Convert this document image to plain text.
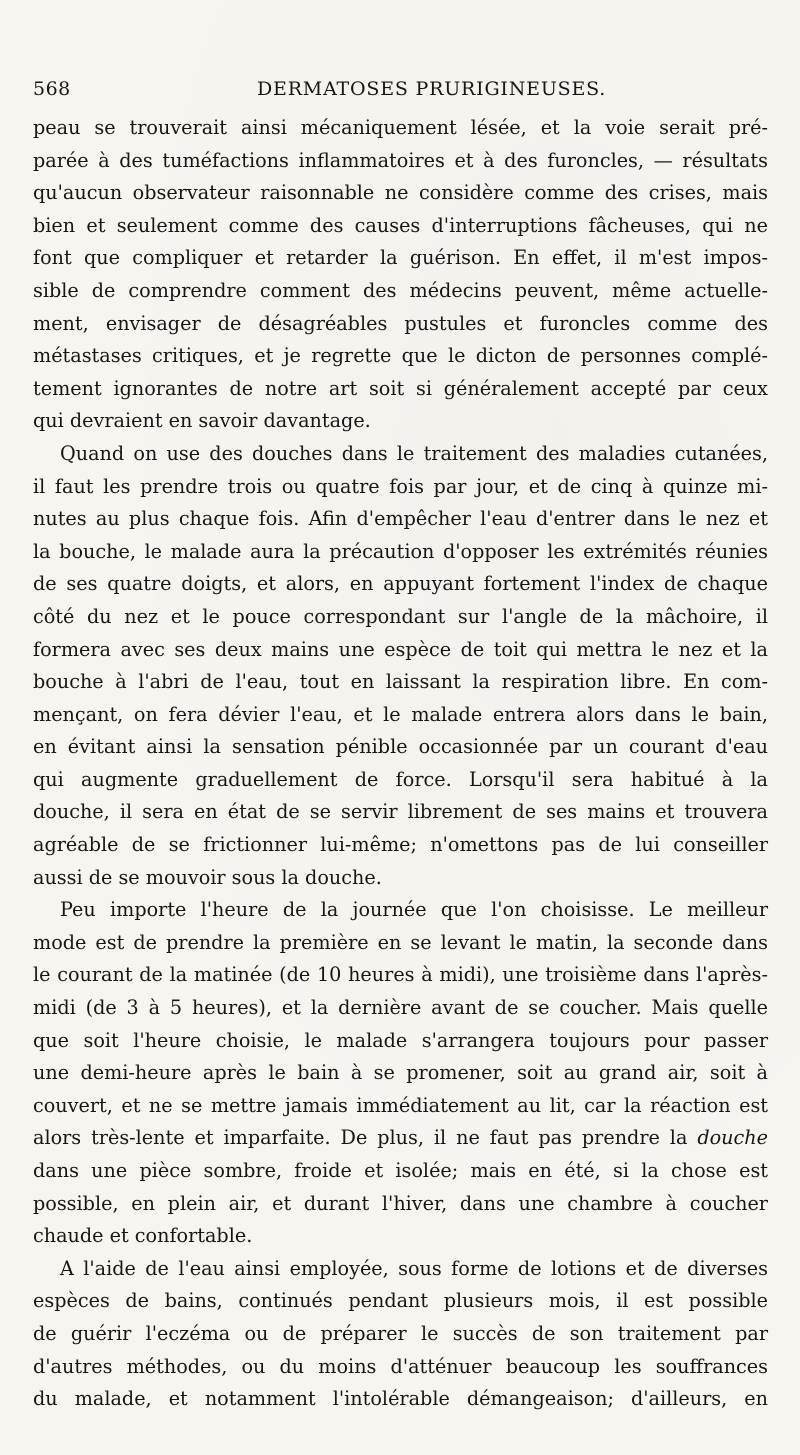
568	DERMATOSES PRURIGINEUSES.
peau se trouverait ainsi mécaniquement lésée, et la voie serait pré-
parée à des tuméfactions inflammatoires et à des furoncles, — résultats
qu'aucun observateur raisonnable ne considère comme des crises, mais
bien et seulement comme des causes d'interruptions fâcheuses, qui ne
font que compliquer et retarder la guérison. En effet, il m'est impos-
sible de comprendre comment des médecins peuvent, même actuelle-
ment, envisager de désagréables pustules et furoncles comme des
métastases critiques, et je regrette que le dicton de personnes complé-
tement ignorantes de notre art soit si généralement accepté par ceux
qui devraient en savoir davantage.
Quand on use des douches dans le traitement des maladies cutanées,
il faut les prendre trois ou quatre fois par jour, et de cinq à quinze mi-
nutes au plus chaque fois. Afin d'empêcher l'eau d'entrer dans le nez et
la bouche, le malade aura la précaution d'opposer les extrémités réunies
de ses quatre doigts, et alors, en appuyant fortement l'index de chaque
côté du nez et le pouce correspondant sur l'angle de la mâchoire, il
formera avec ses deux mains une espèce de toit qui mettra le nez et la
bouche à l'abri de l'eau, tout en laissant la respiration libre. En com-
mençant, on fera dévier l'eau, et le malade entrera alors dans le bain,
en évitant ainsi la sensation pénible occasionnée par un courant d'eau
qui augmente graduellement de force. Lorsqu'il sera habitué à la
douche, il sera en état de se servir librement de ses mains et trouvera
agréable de se frictionner lui-même; n'omettons pas de lui conseiller
aussi de se mouvoir sous la douche.
Peu importe l'heure de la journée que l'on choisisse. Le meilleur
mode est de prendre la première en se levant le matin, la seconde dans
le courant de la matinée (de 10 heures à midi), une troisième dans l'après-
midi (de 3 à 5 heures), et la dernière avant de se coucher. Mais quelle
que soit l'heure choisie, le malade s'arrangera toujours pour passer
une demi-heure après le bain à se promener, soit au grand air, soit à
couvert, et ne se mettre jamais immédiatement au lit, car la réaction est
alors très-lente et imparfaite. De plus, il ne faut pas prendre la douche
dans une pièce sombre, froide et isolée; mais en été, si la chose est
possible, en plein air, et durant l'hiver, dans une chambre à coucher
chaude et confortable.
A l'aide de l'eau ainsi employée, sous forme de lotions et de diverses
espèces de bains, continués pendant plusieurs mois, il est possible
de guérir l'eczéma ou de préparer le succès de son traitement par
d'autres méthodes, ou du moins d'atténuer beaucoup les souffrances
du malade, et notamment l'intolérable démangeaison; d'ailleurs, en
